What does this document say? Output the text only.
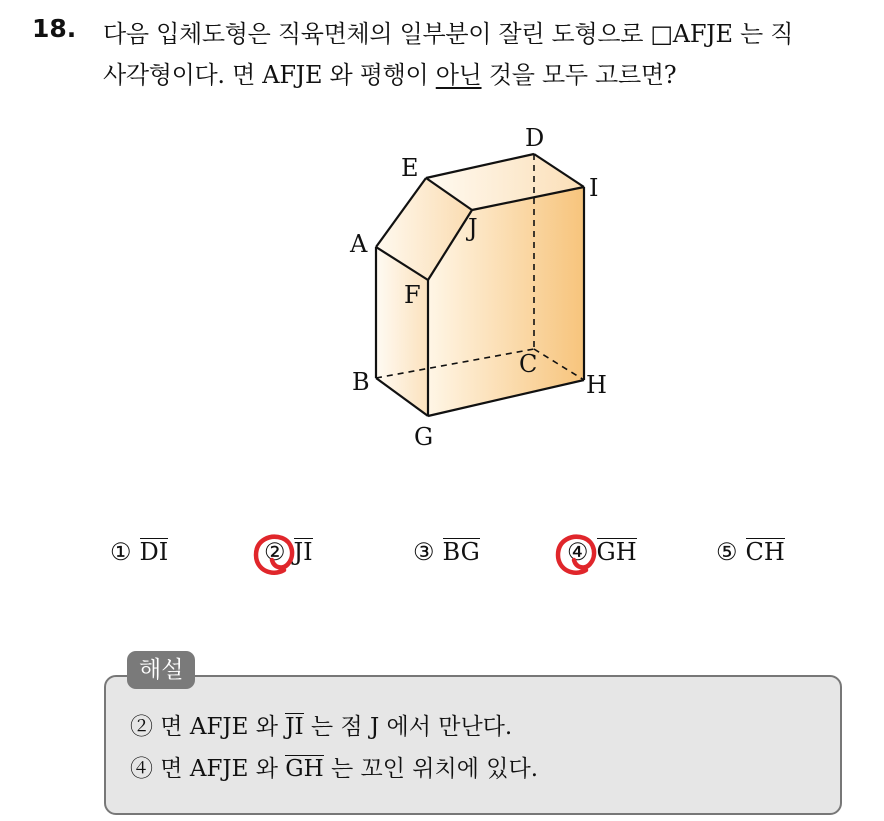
18. 다음 입체도형은 직육면체의 일부분이 잘린 도형으로 □AFJE 는 직
사각형이다. 면 AFJE 와 평행이 아닌 것을 모두 고르면?
A
B
C
D
E
F
G
H
I
J
① DI	② JI	③ BG	④ GH	⑤ CH
해설
② 면 AFJE 와 JI 는 점 J 에서 만난다.
④ 면 AFJE 와 GH 는 꼬인 위치에 있다.
